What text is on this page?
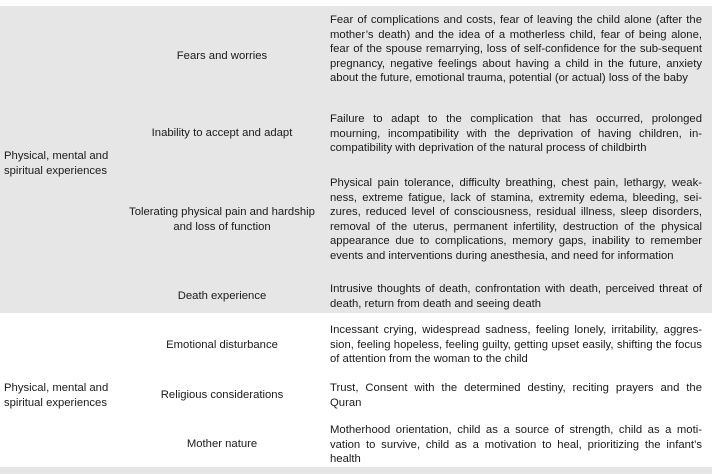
Physical, mental and spiritual experiences
Fears and worries
Fear of complications and costs, fear of leaving the child alone (after the mother’s death) and the idea of a motherless child, fear of being alone, fear of the spouse remarrying, loss of self-confidence for the sub-sequent pregnancy, negative feelings about having a child in the future, anxiety about the future, emotional trauma, potential (or actual) loss of the baby
Inability to accept and adapt
Failure to adapt to the complication that has occurred, prolonged mourning, incompatibility with the deprivation of having children, in-compatibility with deprivation of the natural process of childbirth
Tolerating physical pain and hardship and loss of function
Physical pain tolerance, difficulty breathing, chest pain, lethargy, weak-ness, extreme fatigue, lack of stamina, extremity edema, bleeding, sei-zures, reduced level of consciousness, residual illness, sleep disorders, removal of the uterus, permanent infertility, destruction of the physical appearance due to complications, memory gaps, inability to remember events and interventions during anesthesia, and need for information
Death experience
Intrusive thoughts of death, confrontation with death, perceived threat of death, return from death and seeing death
Physical, mental and spiritual experiences
Emotional disturbance
Incessant crying, widespread sadness, feeling lonely, irritability, aggres-sion, feeling hopeless, feeling guilty, getting upset easily, shifting the focus of attention from the woman to the child
Religious considerations
Trust, Consent with the determined destiny, reciting prayers and the Quran
Mother nature
Motherhood orientation, child as a source of strength, child as a moti-vation to survive, child as a motivation to heal, prioritizing the infant’s health
